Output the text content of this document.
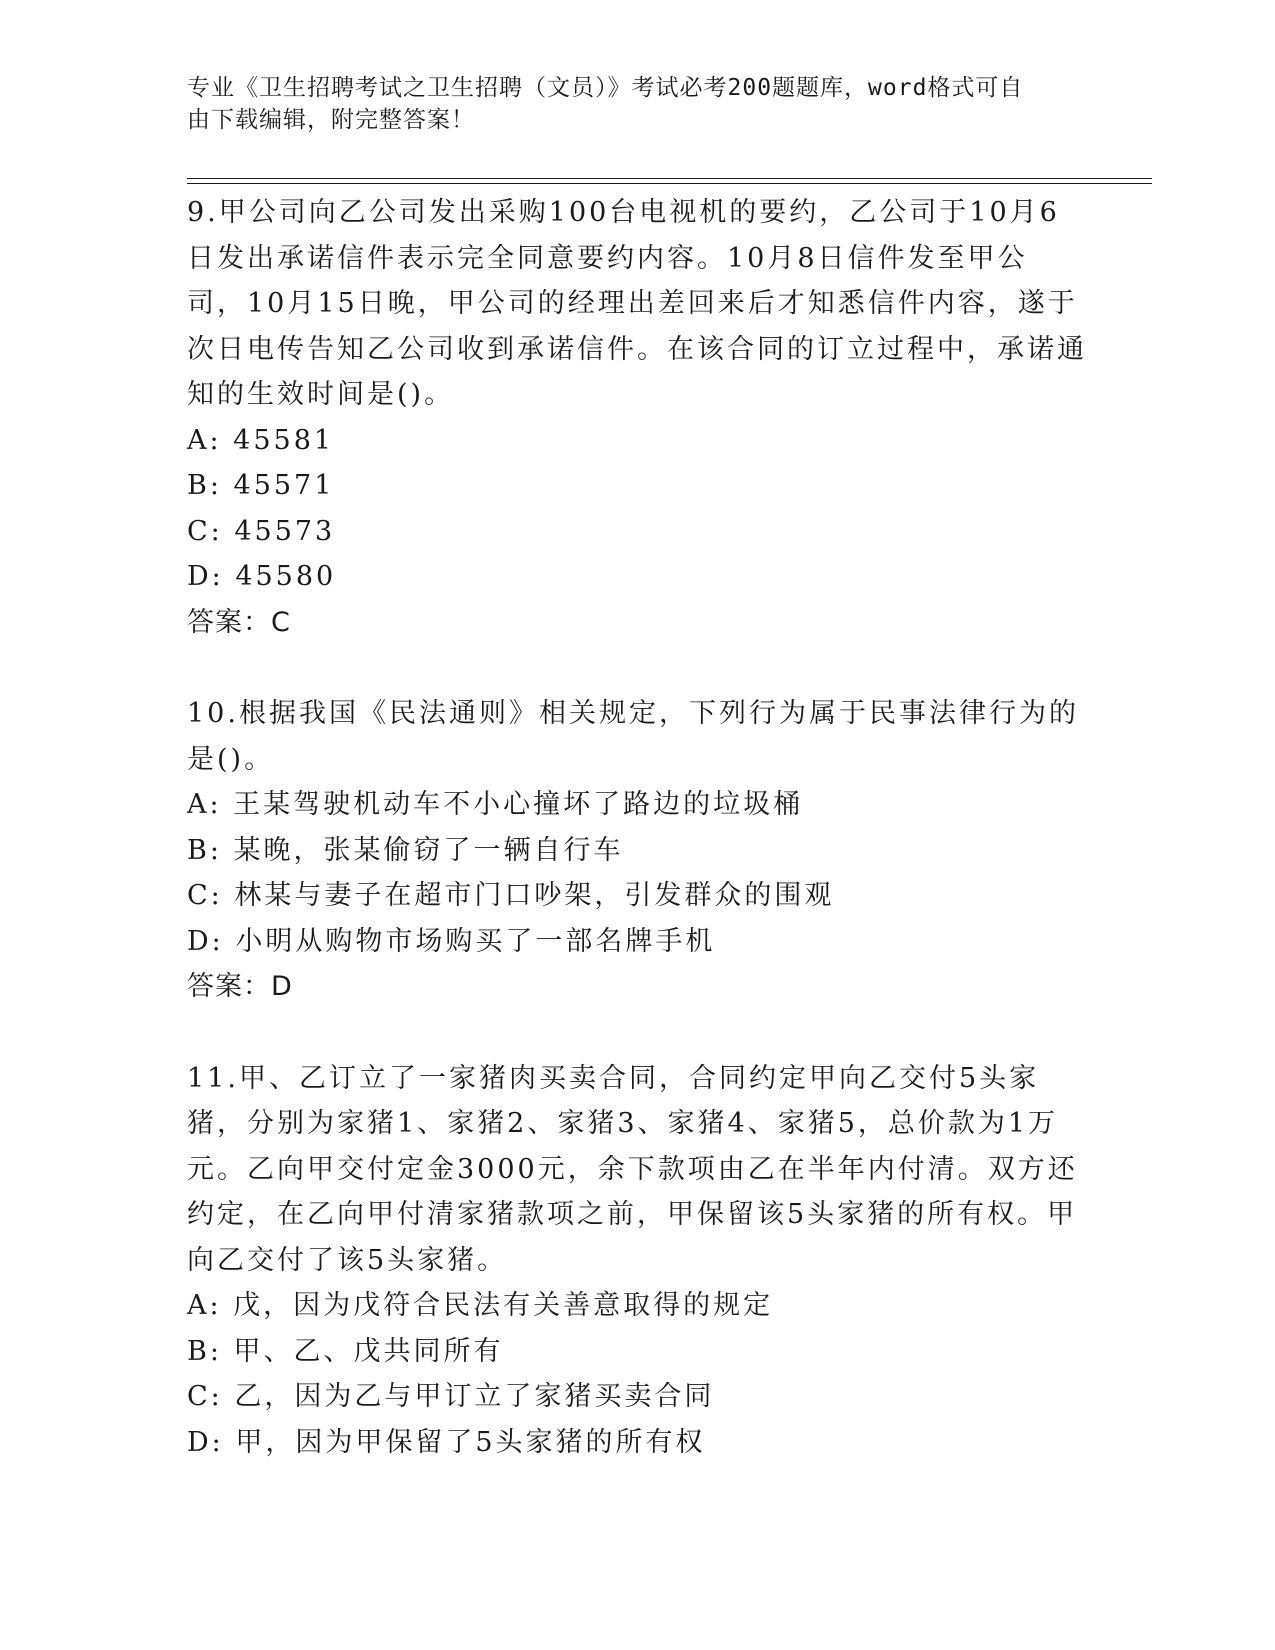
专业《卫生招聘考试之卫生招聘（文员）》考试必考200题题库，word格式可自
由下载编辑，附完整答案！

9.甲公司向乙公司发出采购100台电视机的要约，乙公司于10月6日发出承诺信件表示完全同意要约内容。10月8日信件发至甲公司，10月15日晚，甲公司的经理出差回来后才知悉信件内容，遂于次日电传告知乙公司收到承诺信件。在该合同的订立过程中，承诺通知的生效时间是()。

A: 45581

B: 45571

C: 45573

D: 45580

答案：C

10.根据我国《民法通则》相关规定，下列行为属于民事法律行为的是()。

A: 王某驾驶机动车不小心撞坏了路边的垃圾桶

B: 某晚，张某偷窃了一辆自行车

C: 林某与妻子在超市门口吵架，引发群众的围观

D: 小明从购物市场购买了一部名牌手机

答案：D

11.甲、乙订立了一家猪肉买卖合同，合同约定甲向乙交付5头家猪，分别为家猪1、家猪2、家猪3、家猪4、家猪5，总价款为1万元。乙向甲交付定金3000元，余下款项由乙在半年内付清。双方还约定，在乙向甲付清家猪款项之前，甲保留该5头家猪的所有权。甲向乙交付了该5头家猪。

A: 戊，因为戊符合民法有关善意取得的规定

B: 甲、乙、戊共同所有

C: 乙，因为乙与甲订立了家猪买卖合同

D: 甲，因为甲保留了5头家猪的所有权
